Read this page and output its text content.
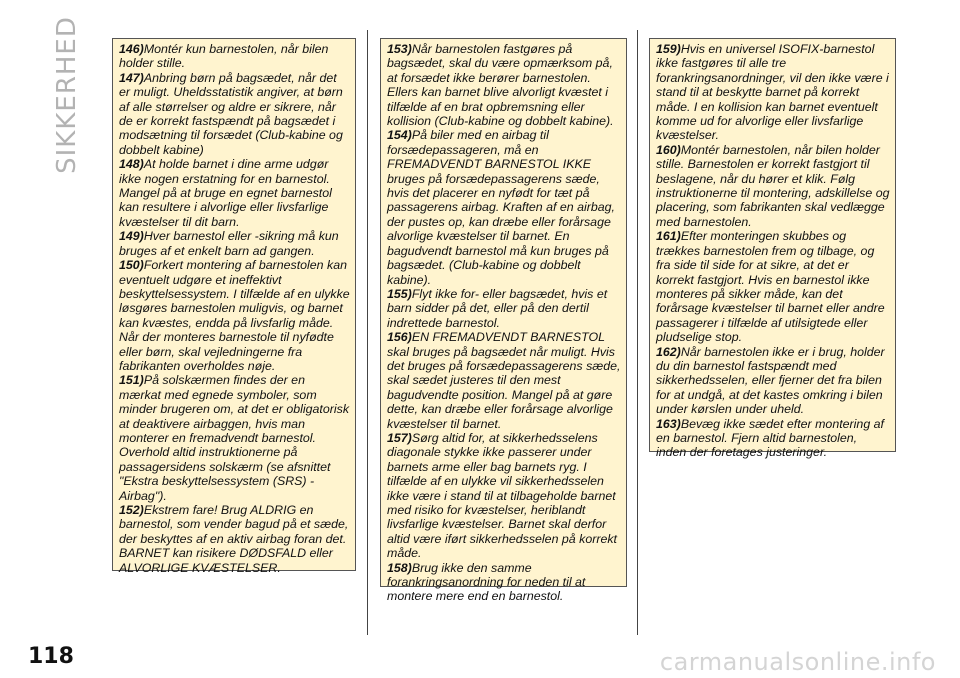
SIKKERHED	146)Montér kun barnestolen, når bilen holder stille.

147)Anbring børn på bagsædet, når det er muligt. Uheldsstatistik angiver, at børn af alle størrelser og aldre er sikrere, når de er korrekt fastspændt på bagsædet i modsætning til forsædet (Club-kabine og dobbelt kabine)

148)At holde barnet i dine arme udgør ikke nogen erstatning for en barnestol. Mangel på at bruge en egnet barnestol kan resultere i alvorlige eller livsfarlige kvæstelser til dit barn.

149)Hver barnestol eller -sikring må kun bruges af et enkelt barn ad gangen.

150)Forkert montering af barnestolen kan eventuelt udgøre et ineffektivt beskyttelsessystem. I tilfælde af en ulykke løsgøres barnestolen muligvis, og barnet kan kvæstes, endda på livsfarlig måde. Når der monteres barnestole til nyfødte eller børn, skal vejledningerne fra fabrikanten overholdes nøje.

151)På solskærmen findes der en mærkat med egnede symboler, som minder brugeren om, at det er obligatorisk at deaktivere airbaggen, hvis man monterer en fremadvendt barnestol. Overhold altid instruktionerne på passagersidens solskærm (se afsnittet "Ekstra beskyttelsessystem (SRS) - Airbag").

152)Ekstrem fare! Brug ALDRIG en barnestol, som vender bagud på et sæde, der beskyttes af en aktiv airbag foran det. BARNET kan risikere DØDSFALD eller ALVORLIGE KVÆSTELSER.

153)Når barnestolen fastgøres på bagsædet, skal du være opmærksom på, at forsædet ikke berører barnestolen. Ellers kan barnet blive alvorligt kvæstet i tilfælde af en brat opbremsning eller kollision (Club-kabine og dobbelt kabine).

154)På biler med en airbag til forsædepassageren, må en FREMADVENDT BARNESTOL IKKE bruges på forsædepassagerens sæde, hvis det placerer en nyfødt for tæt på passagerens airbag. Kraften af en airbag, der pustes op, kan dræbe eller forårsage alvorlige kvæstelser til barnet. En bagudvendt barnestol må kun bruges på bagsædet. (Club-kabine og dobbelt kabine).

155)Flyt ikke for- eller bagsædet, hvis et barn sidder på det, eller på den dertil indrettede barnestol.

156)EN FREMADVENDT BARNESTOL skal bruges på bagsædet når muligt. Hvis det bruges på forsædepassagerens sæde, skal sædet justeres til den mest bagudvendte position. Mangel på at gøre dette, kan dræbe eller forårsage alvorlige kvæstelser til barnet.

157)Sørg altid for, at sikkerhedsselens diagonale stykke ikke passerer under barnets arme eller bag barnets ryg. I tilfælde af en ulykke vil sikkerhedsselen ikke være i stand til at tilbageholde barnet med risiko for kvæstelser, heriblandt livsfarlige kvæstelser. Barnet skal derfor altid være iført sikkerhedsselen på korrekt måde.

158)Brug ikke den samme forankringsanordning for neden til at montere mere end en barnestol.

159)Hvis en universel ISOFIX-barnestol ikke fastgøres til alle tre forankringsanordninger, vil den ikke være i stand til at beskytte barnet på korrekt måde. I en kollision kan barnet eventuelt komme ud for alvorlige eller livsfarlige kvæstelser.

160)Montér barnestolen, når bilen holder stille. Barnestolen er korrekt fastgjort til beslagene, når du hører et klik. Følg instruktionerne til montering, adskillelse og placering, som fabrikanten skal vedlægge med barnestolen.

161)Efter monteringen skubbes og trækkes barnestolen frem og tilbage, og fra side til side for at sikre, at det er korrekt fastgjort. Hvis en barnestol ikke monteres på sikker måde, kan det forårsage kvæstelser til barnet eller andre passagerer i tilfælde af utilsigtede eller pludselige stop.

162)Når barnestolen ikke er i brug, holder du din barnestol fastspændt med sikkerhedsselen, eller fjerner det fra bilen for at undgå, at det kastes omkring i bilen under kørslen under uheld.

163)Bevæg ikke sædet efter montering af en barnestol. Fjern altid barnestolen, inden der foretages justeringer.

118	carmanualsonline.info
